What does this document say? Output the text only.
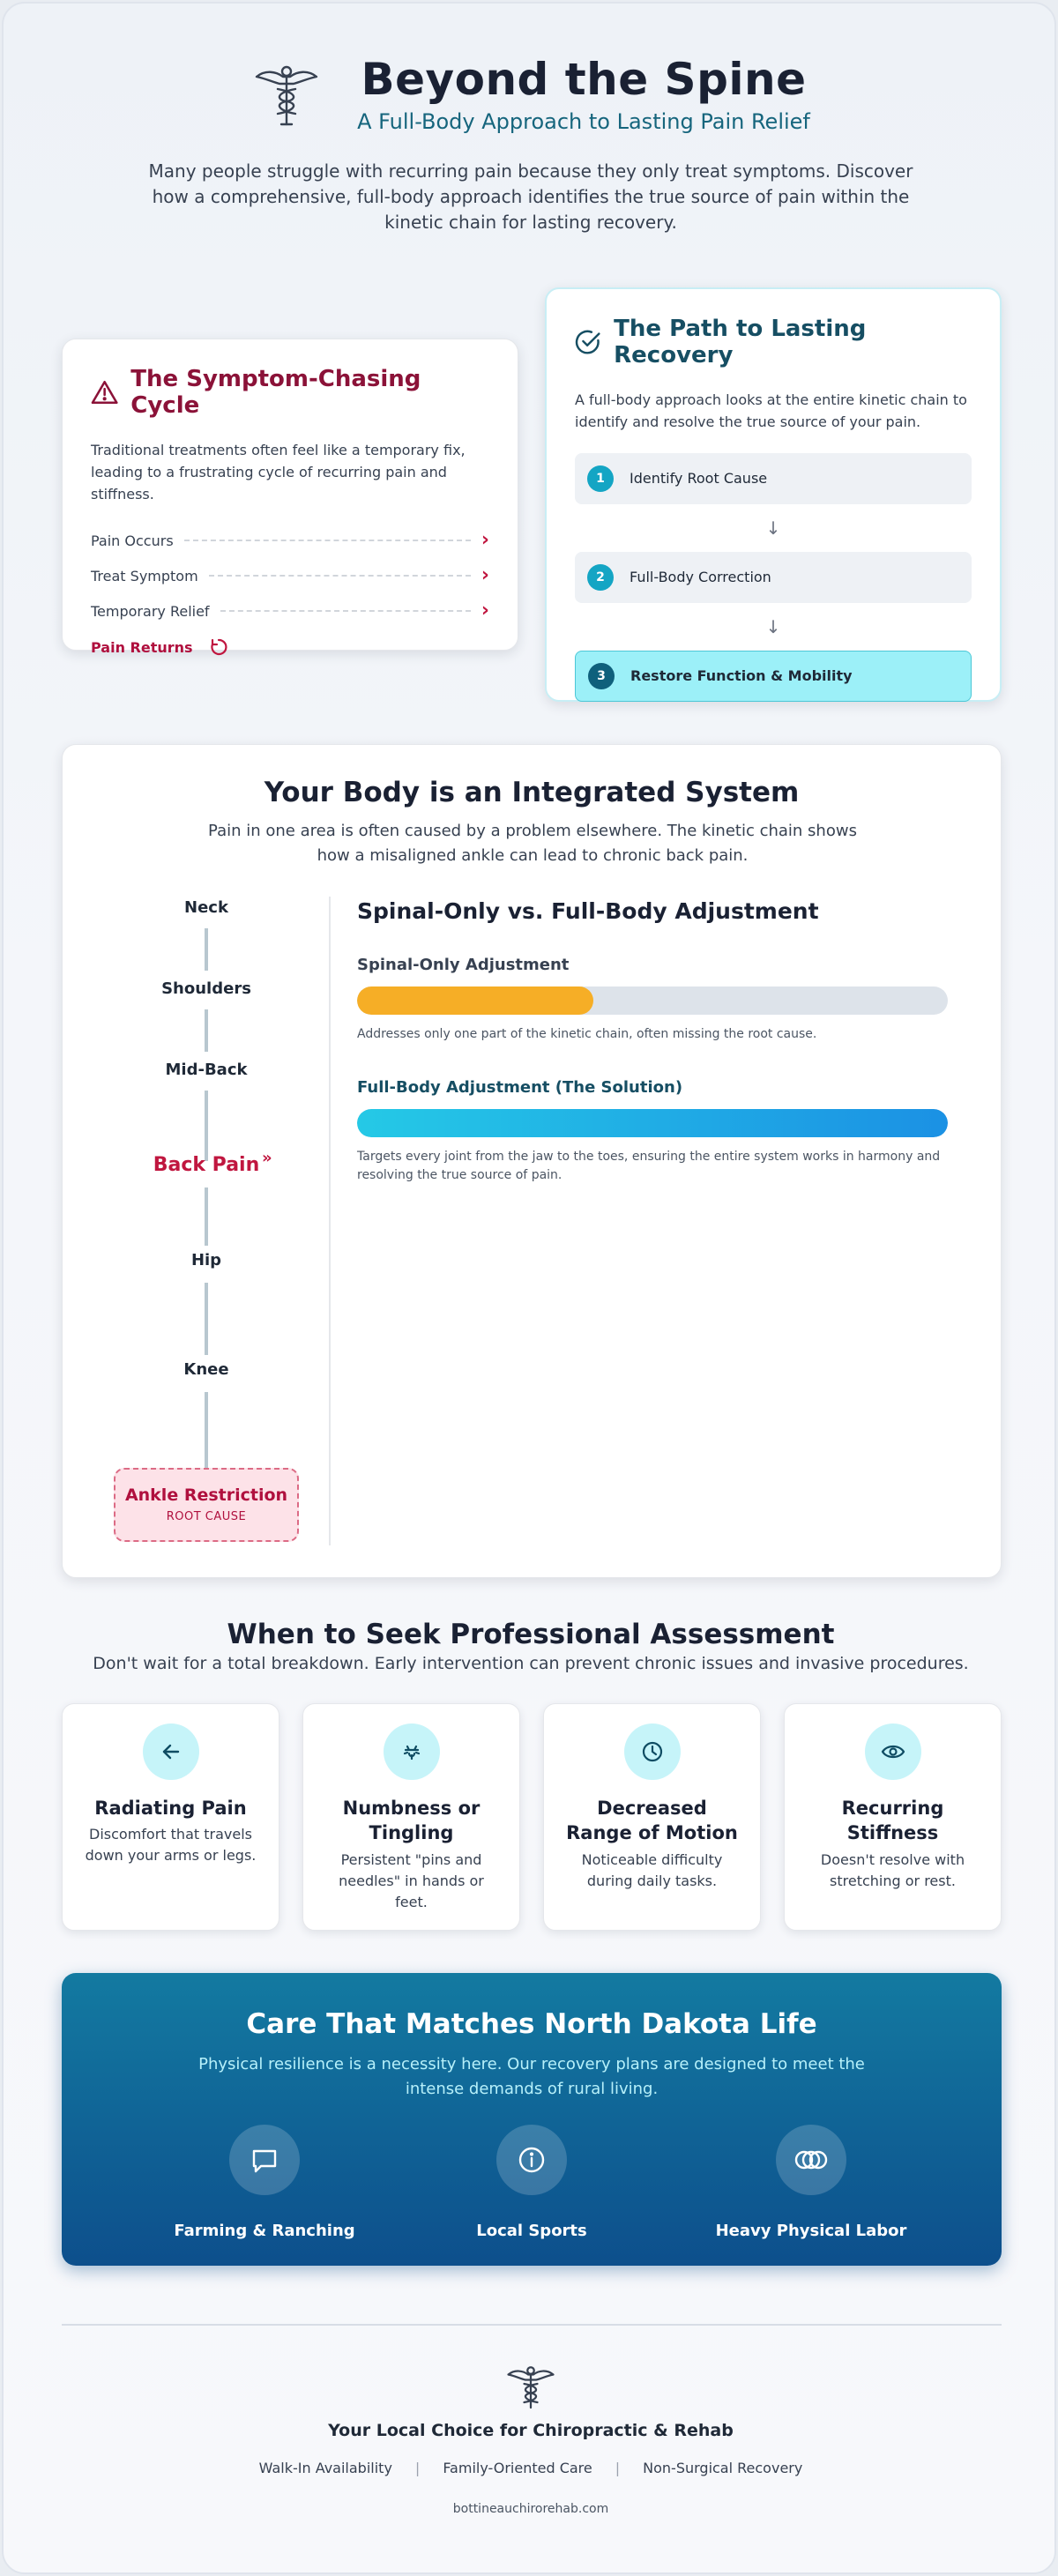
Beyond the Spine
A Full-Body Approach to Lasting Pain Relief
Many people struggle with recurring pain because they only treat symptoms. Discover how a comprehensive, full-body approach identifies the true source of pain within the kinetic chain for lasting recovery.
The Symptom-Chasing Cycle
Traditional treatments often feel like a temporary fix, leading to a frustrating cycle of recurring pain and stiffness.
Pain Occurs	›
Treat Symptom	›
Temporary Relief	›
Pain Returns
The Path to Lasting Recovery
A full-body approach looks at the entire kinetic chain to identify and resolve the true source of your pain.
1	Identify Root Cause
↓
2	Full-Body Correction
↓
3	Restore Function & Mobility
Your Body is an Integrated System
Pain in one area is often caused by a problem elsewhere. The kinetic chain shows how a misaligned ankle can lead to chronic back pain.
Neck
Shoulders
Mid-Back
Back Pain »
Hip
Knee
Ankle Restriction
ROOT CAUSE
Spinal-Only vs. Full-Body Adjustment
Spinal-Only Adjustment
Addresses only one part of the kinetic chain, often missing the root cause.
Full-Body Adjustment (The Solution)
Targets every joint from the jaw to the toes, ensuring the entire system works in harmony and resolving the true source of pain.
When to Seek Professional Assessment
Don't wait for a total breakdown. Early intervention can prevent chronic issues and invasive procedures.
Radiating Pain
Discomfort that travels down your arms or legs.
Numbness or Tingling
Persistent "pins and needles" in hands or feet.
Decreased Range of Motion
Noticeable difficulty during daily tasks.
Recurring Stiffness
Doesn't resolve with stretching or rest.
Care That Matches North Dakota Life
Physical resilience is a necessity here. Our recovery plans are designed to meet the intense demands of rural living.
Farming & Ranching	Local Sports	Heavy Physical Labor
Your Local Choice for Chiropractic & Rehab
Walk-In Availability | Family-Oriented Care | Non-Surgical Recovery
bottineauchirorehab.com
